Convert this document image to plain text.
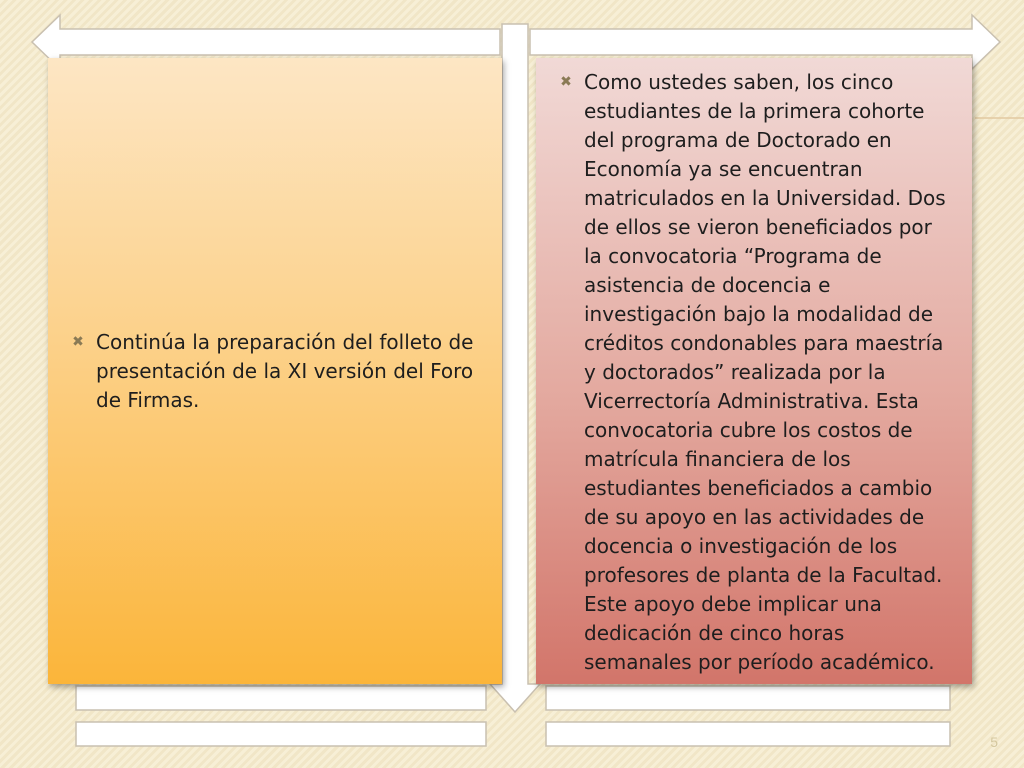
✖ Continúa la preparación del folleto de presentación de la XI versión del Foro de Firmas.
✖ Como ustedes saben, los cinco estudiantes de la primera cohorte del programa de Doctorado en Economía ya se encuentran matriculados en la Universidad. Dos de ellos se vieron beneficiados por la convocatoria “Programa de asistencia de docencia e investigación bajo la modalidad de créditos condonables para maestría y doctorados” realizada por la Vicerrectoría Administrativa. Esta convocatoria cubre los costos de matrícula financiera de los estudiantes beneficiados a cambio de su apoyo en las actividades de docencia o investigación de los profesores de planta de la Facultad. Este apoyo debe implicar una dedicación de cinco horas semanales por período académico.
5
